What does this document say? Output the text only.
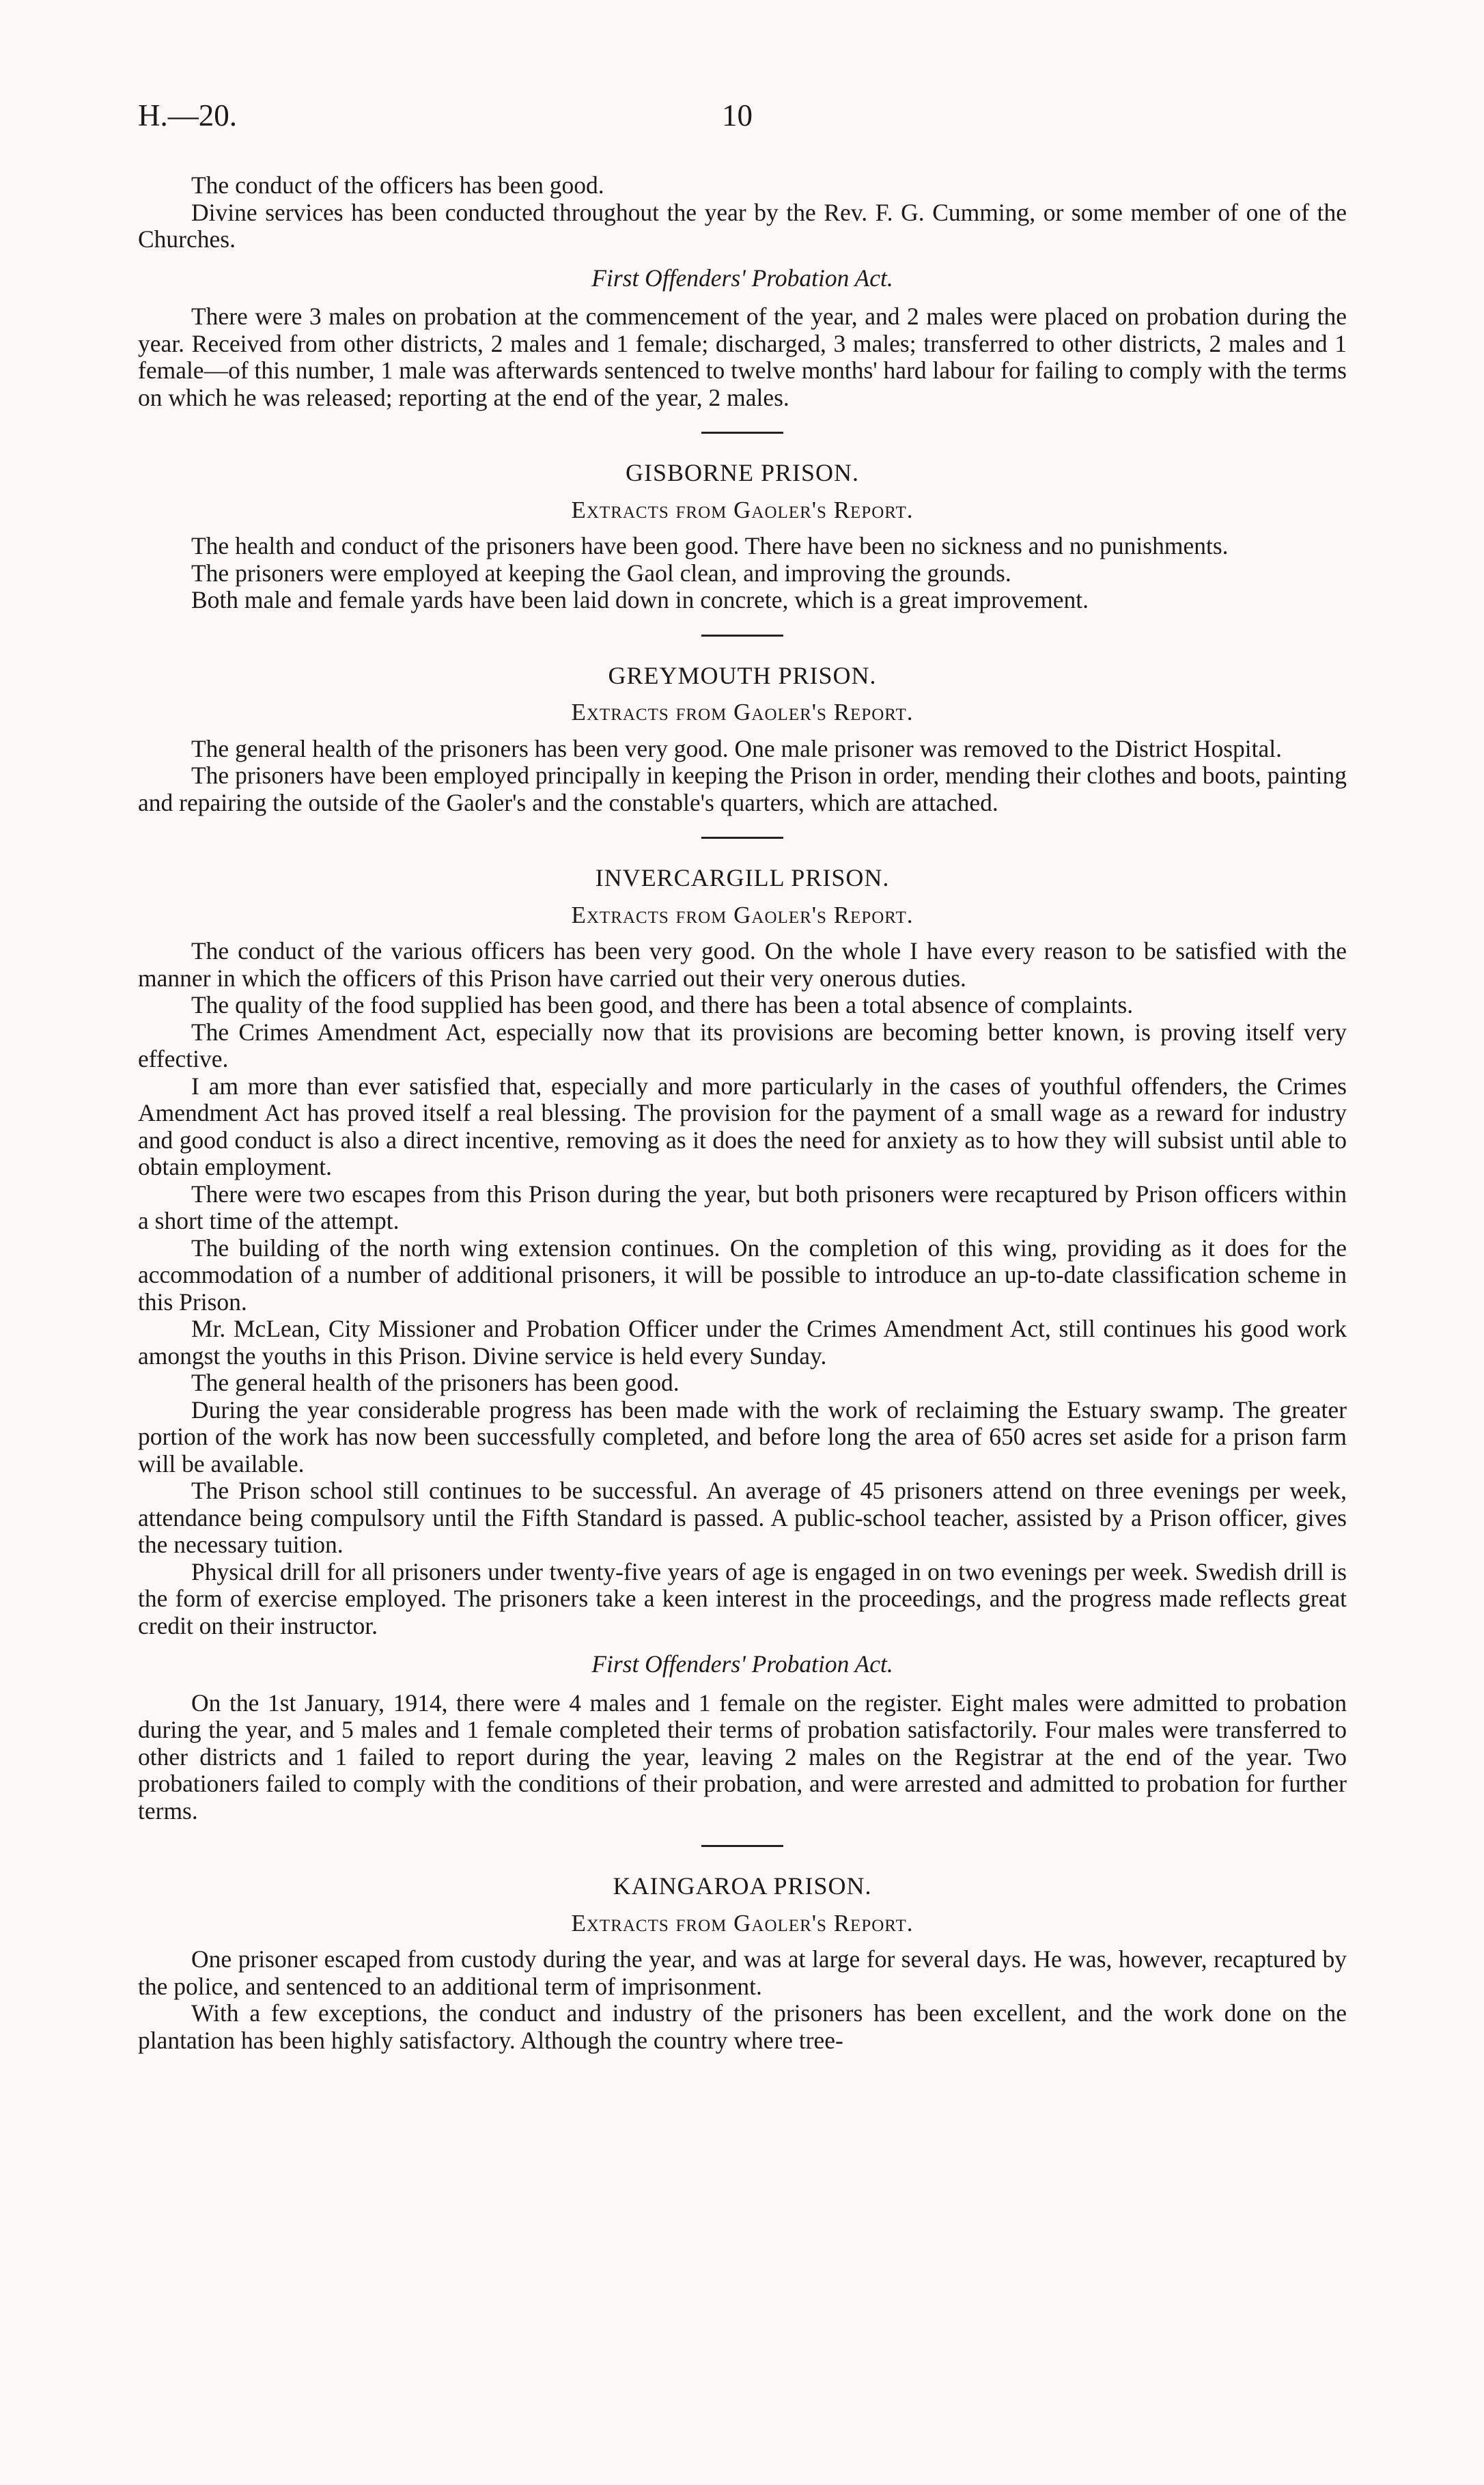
H.—20.	10

The conduct of the officers has been good.

Divine services has been conducted throughout the year by the Rev. F. G. Cumming, or some member of one of the Churches.

First Offenders' Probation Act.

There were 3 males on probation at the commencement of the year, and 2 males were placed on probation during the year. Received from other districts, 2 males and 1 female; discharged, 3 males; transferred to other districts, 2 males and 1 female—of this number, 1 male was afterwards sentenced to twelve months' hard labour for failing to comply with the terms on which he was released; reporting at the end of the year, 2 males.

GISBORNE PRISON.
Extracts from Gaoler's Report.

The health and conduct of the prisoners have been good. There have been no sickness and no punishments.

The prisoners were employed at keeping the Gaol clean, and improving the grounds.

Both male and female yards have been laid down in concrete, which is a great improvement.

GREYMOUTH PRISON.
Extracts from Gaoler's Report.

The general health of the prisoners has been very good. One male prisoner was removed to the District Hospital.

The prisoners have been employed principally in keeping the Prison in order, mending their clothes and boots, painting and repairing the outside of the Gaoler's and the constable's quarters, which are attached.

INVERCARGILL PRISON.
Extracts from Gaoler's Report.

The conduct of the various officers has been very good. On the whole I have every reason to be satisfied with the manner in which the officers of this Prison have carried out their very onerous duties.

The quality of the food supplied has been good, and there has been a total absence of complaints.

The Crimes Amendment Act, especially now that its provisions are becoming better known, is proving itself very effective.

I am more than ever satisfied that, especially and more particularly in the cases of youthful offenders, the Crimes Amendment Act has proved itself a real blessing. The provision for the payment of a small wage as a reward for industry and good conduct is also a direct incentive, removing as it does the need for anxiety as to how they will subsist until able to obtain employment.

There were two escapes from this Prison during the year, but both prisoners were recaptured by Prison officers within a short time of the attempt.

The building of the north wing extension continues. On the completion of this wing, providing as it does for the accommodation of a number of additional prisoners, it will be possible to introduce an up-to-date classification scheme in this Prison.

Mr. McLean, City Missioner and Probation Officer under the Crimes Amendment Act, still continues his good work amongst the youths in this Prison. Divine service is held every Sunday.

The general health of the prisoners has been good.

During the year considerable progress has been made with the work of reclaiming the Estuary swamp. The greater portion of the work has now been successfully completed, and before long the area of 650 acres set aside for a prison farm will be available.

The Prison school still continues to be successful. An average of 45 prisoners attend on three evenings per week, attendance being compulsory until the Fifth Standard is passed. A public-school teacher, assisted by a Prison officer, gives the necessary tuition.

Physical drill for all prisoners under twenty-five years of age is engaged in on two evenings per week. Swedish drill is the form of exercise employed. The prisoners take a keen interest in the proceedings, and the progress made reflects great credit on their instructor.

First Offenders' Probation Act.

On the 1st January, 1914, there were 4 males and 1 female on the register. Eight males were admitted to probation during the year, and 5 males and 1 female completed their terms of probation satisfactorily. Four males were transferred to other districts and 1 failed to report during the year, leaving 2 males on the Registrar at the end of the year. Two probationers failed to comply with the conditions of their probation, and were arrested and admitted to probation for further terms.

KAINGAROA PRISON.
Extracts from Gaoler's Report.

One prisoner escaped from custody during the year, and was at large for several days. He was, however, recaptured by the police, and sentenced to an additional term of imprisonment.

With a few exceptions, the conduct and industry of the prisoners has been excellent, and the work done on the plantation has been highly satisfactory. Although the country where tree-
